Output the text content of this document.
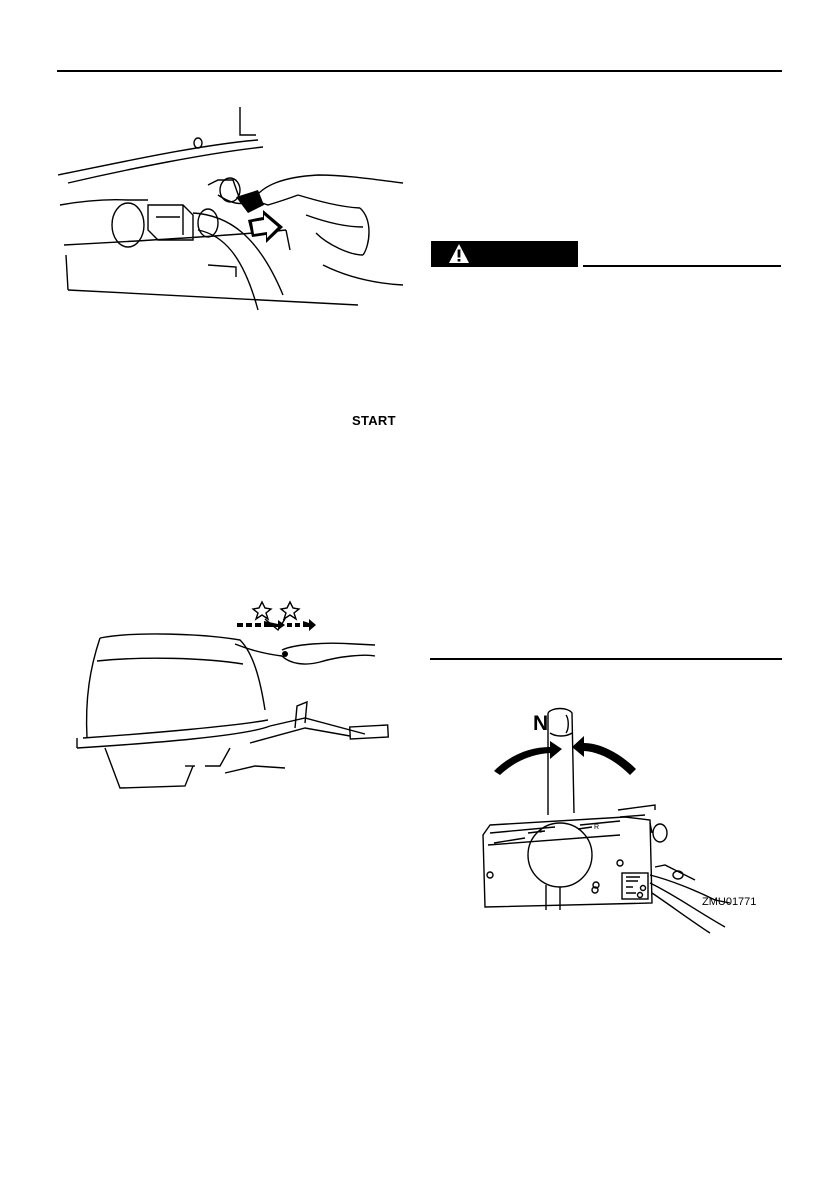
START
F
R
N
ZMU01771
